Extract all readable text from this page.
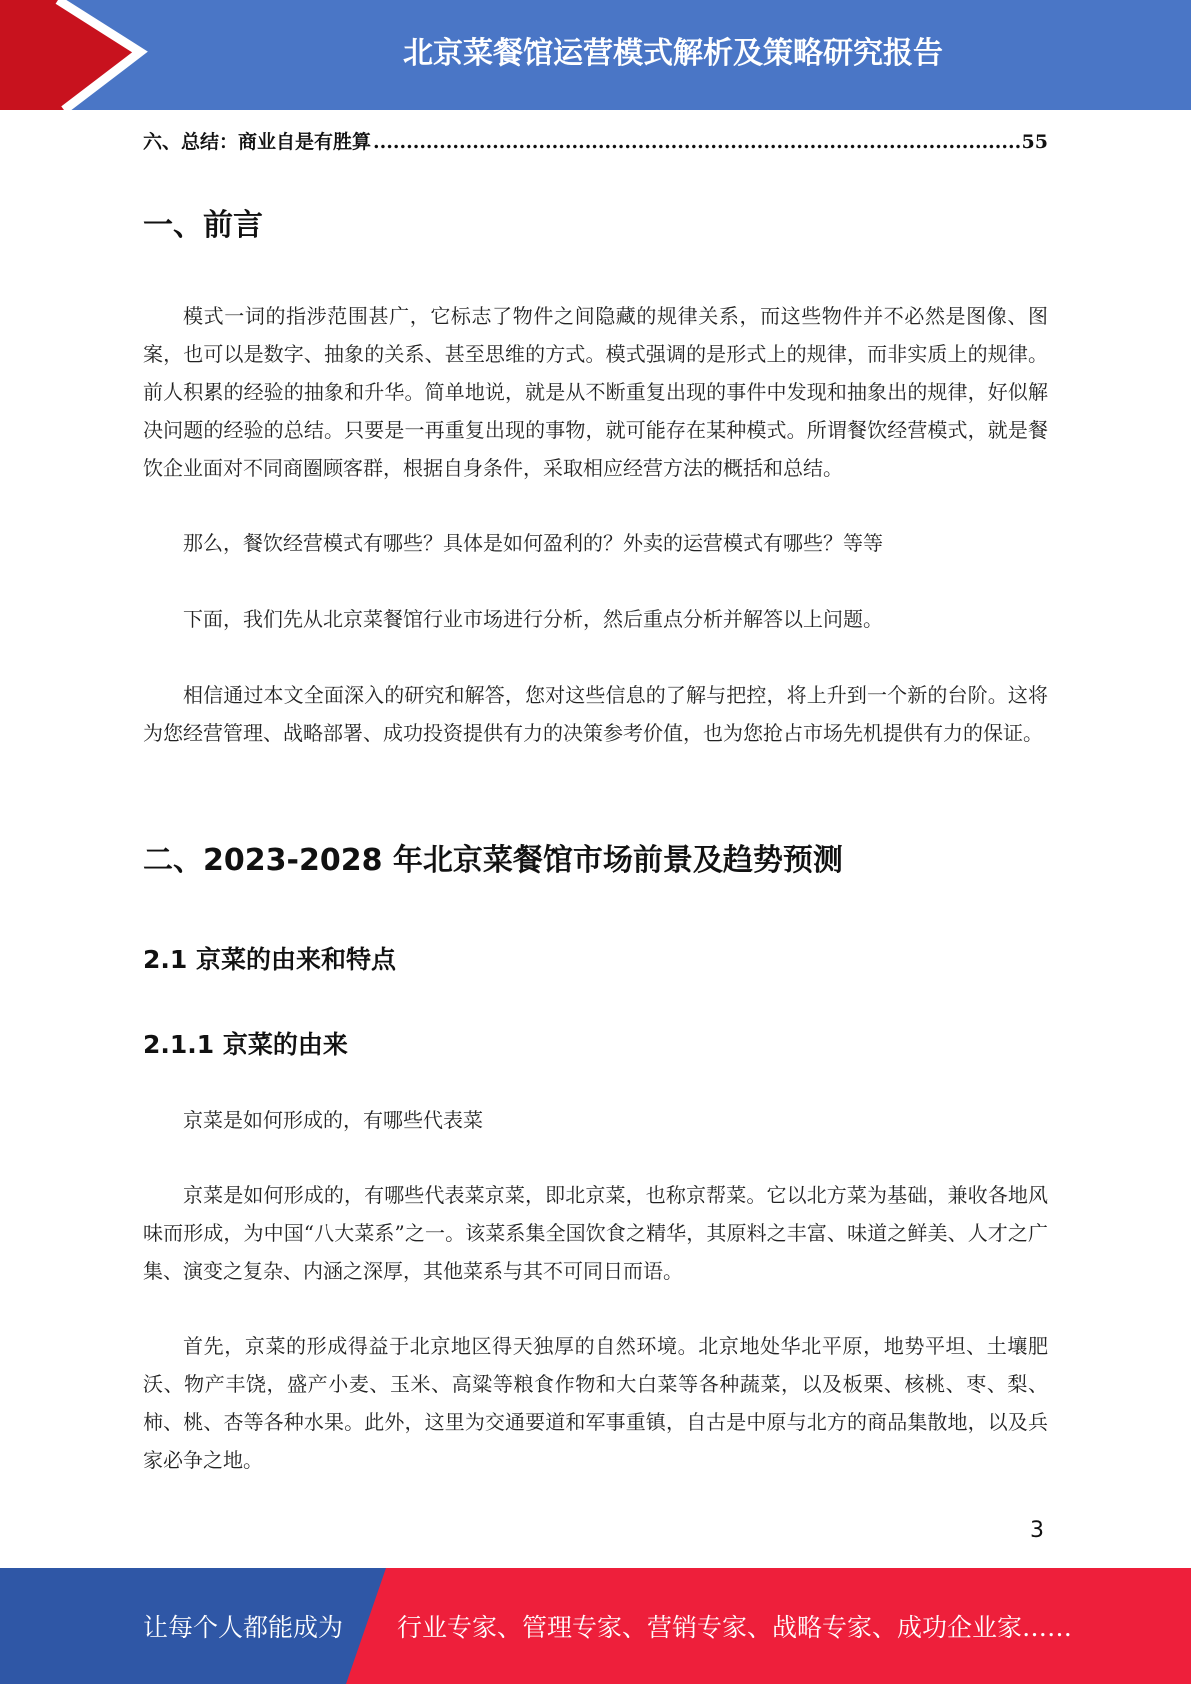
北京菜餐馆运营模式解析及策略研究报告
六、总结：商业自是有胜算
.....	55
一、前言
模式一词的指涉范围甚广，它标志了物件之间隐藏的规律关系，而这些物件并不必然是图像、图案，也可以是数字、抽象的关系、甚至思维的方式。模式强调的是形式上的规律，而非实质上的规律。前人积累的经验的抽象和升华。简单地说，就是从不断重复出现的事件中发现和抽象出的规律，好似解决问题的经验的总结。只要是一再重复出现的事物，就可能存在某种模式。所谓餐饮经营模式，就是餐饮企业面对不同商圈顾客群，根据自身条件，采取相应经营方法的概括和总结。
那么，餐饮经营模式有哪些？具体是如何盈利的？外卖的运营模式有哪些？等等
下面，我们先从北京菜餐馆行业市场进行分析，然后重点分析并解答以上问题。
相信通过本文全面深入的研究和解答，您对这些信息的了解与把控，将上升到一个新的台阶。这将为您经营管理、战略部署、成功投资提供有力的决策参考价值，也为您抢占市场先机提供有力的保证。
二、2023-2028 年北京菜餐馆市场前景及趋势预测
2.1 京菜的由来和特点
2.1.1 京菜的由来
京菜是如何形成的，有哪些代表菜
京菜是如何形成的，有哪些代表菜京菜，即北京菜，也称京帮菜。它以北方菜为基础，兼收各地风味而形成，为中国“八大菜系”之一。该菜系集全国饮食之精华，其原料之丰富、味道之鲜美、人才之广集、演变之复杂、内涵之深厚，其他菜系与其不可同日而语。
首先，京菜的形成得益于北京地区得天独厚的自然环境。北京地处华北平原，地势平坦、土壤肥沃、物产丰饶，盛产小麦、玉米、高粱等粮食作物和大白菜等各种蔬菜，以及板栗、核桃、枣、梨、柿、桃、杏等各种水果。此外，这里为交通要道和军事重镇，自古是中原与北方的商品集散地，以及兵家必争之地。
3
让每个人都能成为 行业专家、管理专家、营销专家、战略专家、成功企业家……
